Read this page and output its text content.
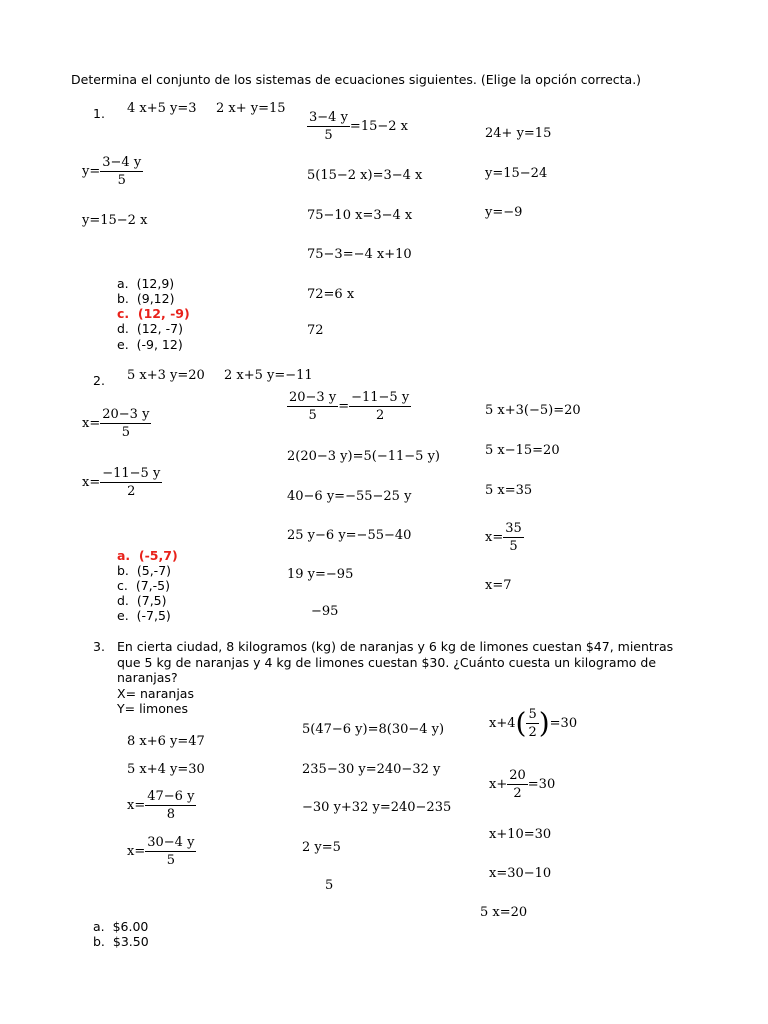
Determina el conjunto de los sistemas de ecuaciones siguientes. (Elige la opción correcta.)
1. 4 x+5 y=3 2 x+ y=15
$y= \frac{3-4 y}{5}$
y=15−2 x
$\frac{3-4 y}{5} =15-2$ x
5(15−2 x)=3−4 x
75−10 x=3−4 x
75−3=−4 x+10
72=6 x
72
24+ y=15
y=15−24
y=−9
a. (12,9)
b. (9,12)
c. (12, -9)
d. (12, -7)
e. (-9, 12)
2. 5 x+3 y=20 2 x+5 y=−11
$x= \frac{20-3 y}{5}$
$x= \frac{-11-5 y}{2}$
$\frac{20-3 y}{5} = \frac{-11-5 y}{2}$
2(20−3 y)=5(−11−5 y)
40−6 y=−55−25 y
25 y−6 y=−55−40
19 y=−95
−95
5 x+3(−5)=20
5 x−15=20
5 x=35
$x= \frac{35}{5}$
x=7
a. (-5,7)
b. (5,-7)
c. (7,-5)
d. (7,5)
e. (-7,5)
3. En cierta ciudad, 8 kilogramos (kg) de naranjas y 6 kg de limones cuestan $47, mientras
que 5 kg de naranjas y 4 kg de limones cuestan $30. ¿Cuánto cuesta un kilogramo de
naranjas?
X= naranjas
Y= limones
8 x+6 y=47
5 x+4 y=30
$x= \frac{47-6 y}{8}$
$x= \frac{30-4 y}{5}$
5(47−6 y)=8(30−4 y)
235−30 y=240−32 y
−30 y+32 y=240−235
2 y=5
5
$x+4( \frac{5}{2} )=30$
$x+ \frac{20}{2} =30$
x+10=30
x=30−10
5 x=20
a. $6.00
b. $3.50
